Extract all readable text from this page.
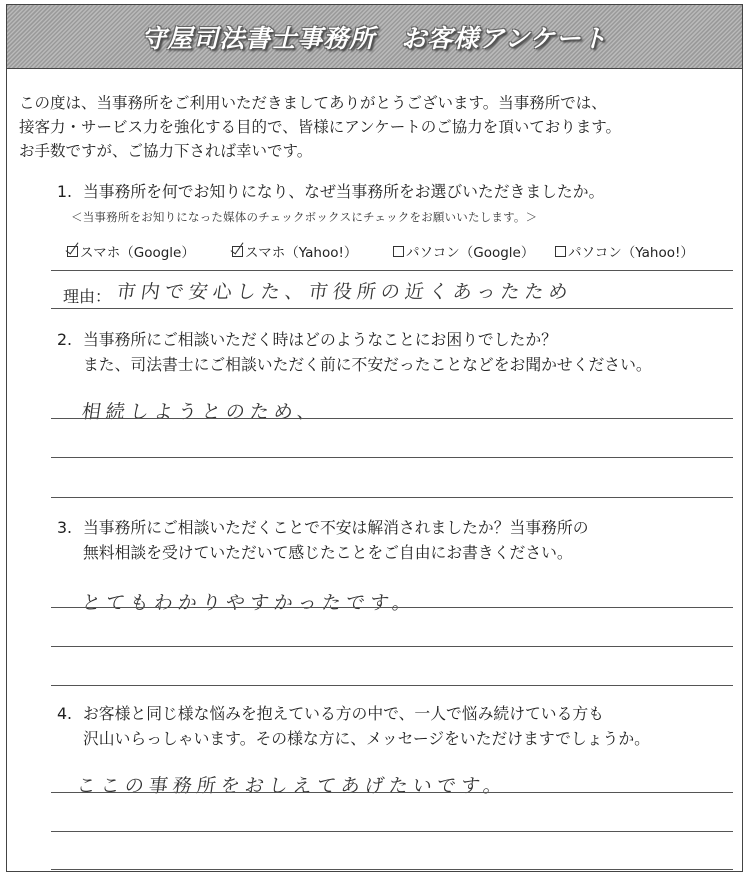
守屋司法書士事務所　お客様アンケート
この度は、当事務所をご利用いただきましてありがとうございます。当事務所では、
接客力・サービス力を強化する目的で、皆様にアンケートのご協力を頂いております。
お手数ですが、ご協力下されば幸いです。
1. 当事務所を何でお知りになり、なぜ当事務所をお選びいただきましたか。
＜当事務所をお知りになった媒体のチェックボックスにチェックをお願いいたします。＞
スマホ（Google）	スマホ（Yahoo!）	パソコン（Google） パソコン（Yahoo!）
理由： 市内で安心した、市役所の近くあったため
2. 当事務所にご相談いただく時はどのようなことにお困りでしたか？
また、司法書士にご相談いただく前に不安だったことなどをお聞かせください。
相続しようとのため、
3. 当事務所にご相談いただくことで不安は解消されましたか？当事務所の
無料相談を受けていただいて感じたことをご自由にお書きください。
とてもわかりやすかったです。
4. お客様と同じ様な悩みを抱えている方の中で、一人で悩み続けている方も
沢山いらっしゃいます。その様な方に、メッセージをいただけますでしょうか。
ここの事務所をおしえてあげたいです。
